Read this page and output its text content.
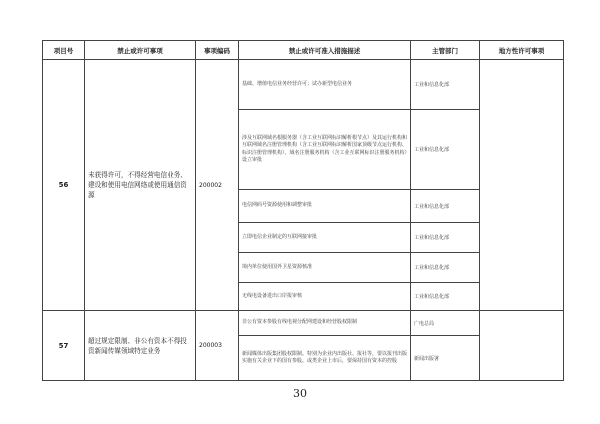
项目号	禁止或许可事项	事项编码	禁止或许可准入措施描述	主管部门	地方性许可事项
56	未获得许可，不得经营电信业务、建设和使用电信网络或使用通信资源	200002	基础、增值电信业务经营许可；试办新型电信业务	工业和信息化部	
			涉及互联网域名根服务器（含工业互联网标识解析根节点）及其运行机构和互联网域名注册管理机构（含工业互联网标识解析国家顶级节点运行机构、标识注册管理机构）、域名注册服务机构（含工业互联网标识注册服务机构）设立审批	工业和信息化部	
			电信网码号资源使用和调整审批	工业和信息化部	
			立即电信企业制定的互联网接审批	工业和信息化部	
			境内单位使用国外卫星资源核准	工业和信息化部	
			无线电设备进出口岸报审核	工业和信息化部	
57	超过规定限制、非公有资本不得投资新闻传媒领域特定业务	200003	非公有资本参股有线电视分配网建设和经营股权限制	广电总局	
			新闻媒体出版集团股权限制。特别为企业内出版社、报社等，要以报刊出版实施有关企业下的国有参股。或类企业上市后，要保持国有资本的控股	新闻出版署	
30
